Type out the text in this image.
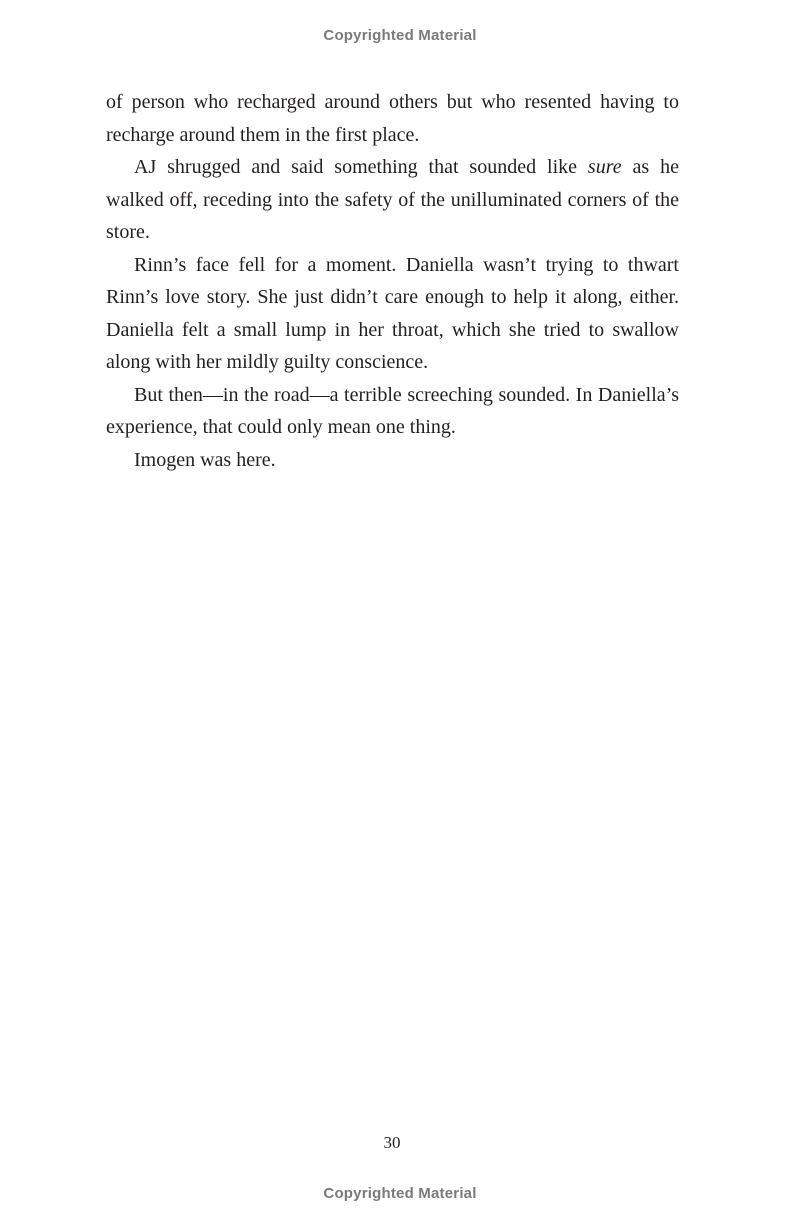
Copyrighted Material

of person who recharged around others but who resented having to recharge around them in the first place.

AJ shrugged and said something that sounded like sure as he walked off, receding into the safety of the unilluminated corners of the store.

Rinn’s face fell for a moment. Daniella wasn’t trying to thwart Rinn’s love story. She just didn’t care enough to help it along, either. Daniella felt a small lump in her throat, which she tried to swallow along with her mildly guilty conscience.

But then—in the road—a terrible screeching sounded. In Daniella’s experience, that could only mean one thing.

Imogen was here.

30
Copyrighted Material
